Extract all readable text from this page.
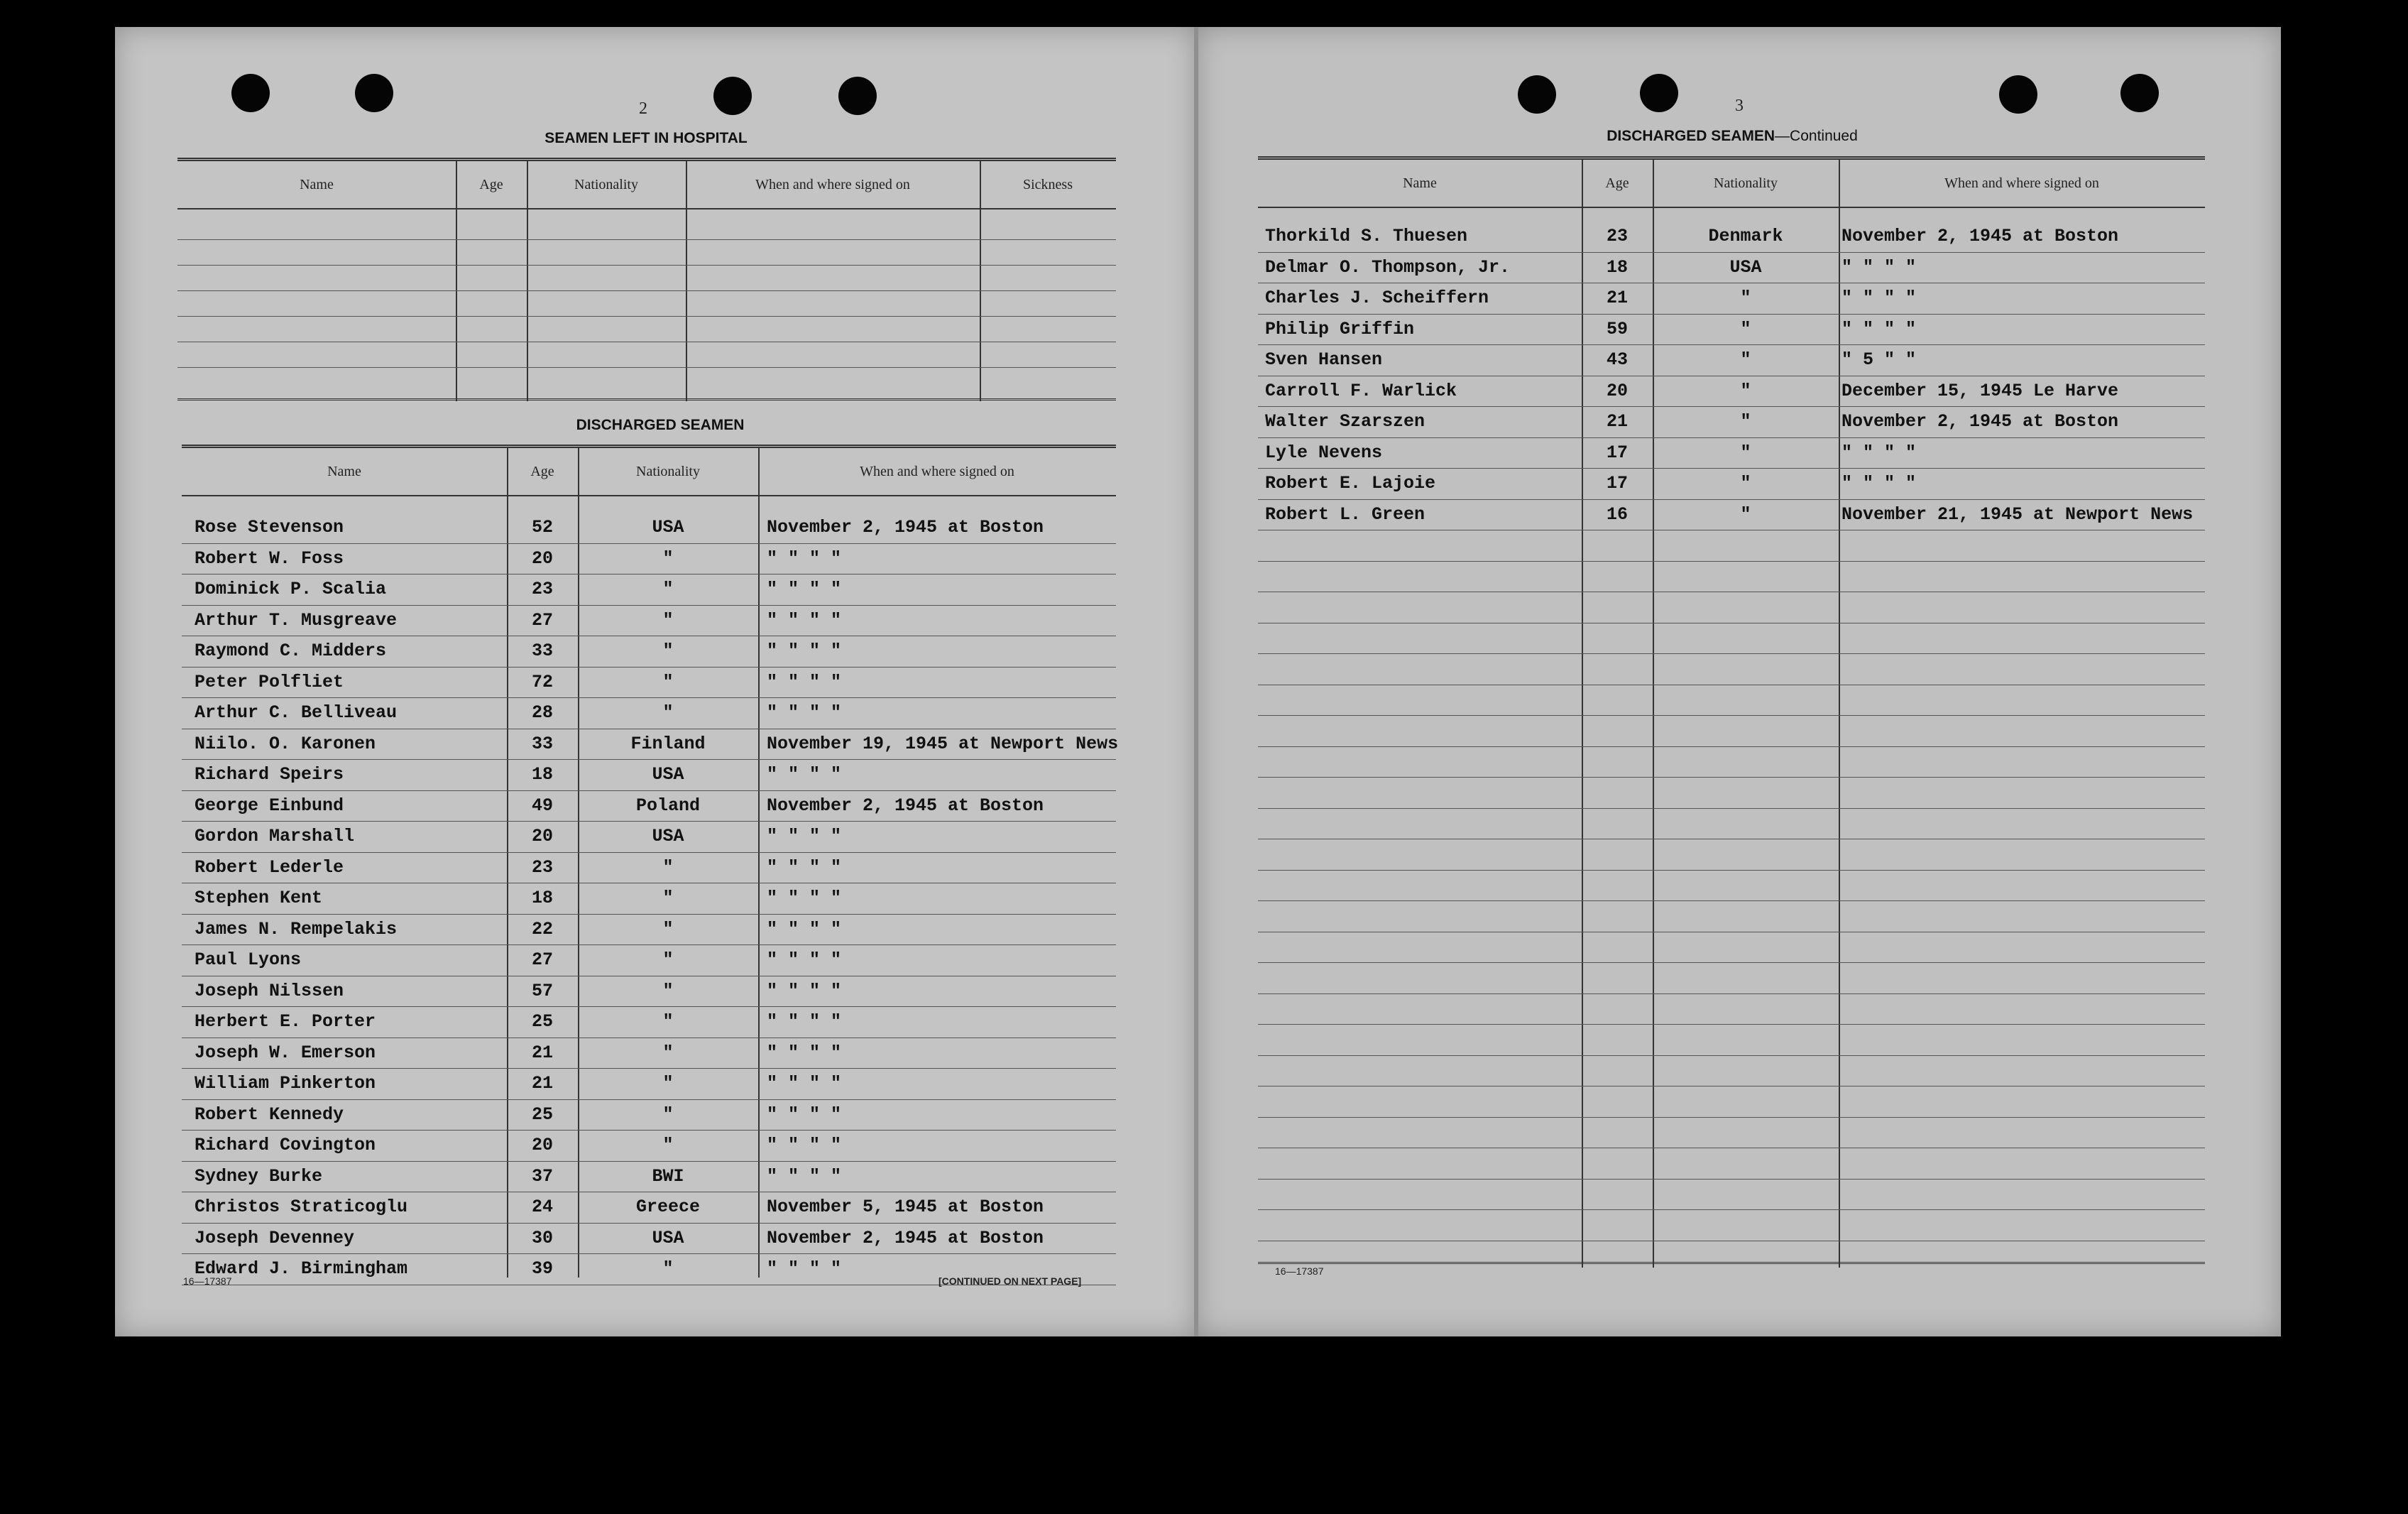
2
SEAMEN LEFT IN HOSPITAL
Name	Age	Nationality	When and where signed on	Sickness
DISCHARGED SEAMEN
Name	Age	Nationality	When and where signed on
Rose Stevenson	52	USA	November 2, 1945 at Boston
Robert W. Foss	20	"	" " " "
Dominick P. Scalia	23	"	" " " "
Arthur T. Musgreave	27	"	" " " "
Raymond C. Midders	33	"	" " " "
Peter Polfliet	72	"	" " " "
Arthur C. Belliveau	28	"	" " " "
Niilo. O. Karonen	33	Finland	November 19, 1945 at Newport News
Richard Speirs	18	USA	" " " "
George Einbund	49	Poland	November 2, 1945 at Boston
Gordon Marshall	20	USA	" " " "
Robert Lederle	23	"	" " " "
Stephen Kent	18	"	" " " "
James N. Rempelakis	22	"	" " " "
Paul Lyons	27	"	" " " "
Joseph Nilssen	57	"	" " " "
Herbert E. Porter	25	"	" " " "
Joseph W. Emerson	21	"	" " " "
William Pinkerton	21	"	" " " "
Robert Kennedy	25	"	" " " "
Richard Covington	20	"	" " " "
Sydney Burke	37	BWI	" " " "
Christos Straticoglu	24	Greece	November 5, 1945 at Boston
Joseph Devenney	30	USA	November 2, 1945 at Boston
Edward J. Birmingham	39	"	" " " "
16—17387	[CONTINUED ON NEXT PAGE]
3
DISCHARGED SEAMEN—Continued
Name	Age	Nationality	When and where signed on
Thorkild S. Thuesen	23	Denmark	November 2, 1945 at Boston
Delmar O. Thompson, Jr.	18	USA	" " " "
Charles J. Scheiffern	21	"	" " " "
Philip Griffin	59	"	" " " "
Sven Hansen	43	"	" 5 " "
Carroll F. Warlick	20	"	December 15, 1945 Le Harve
Walter Szarszen	21	"	November 2, 1945 at Boston
Lyle Nevens	17	"	" " " "
Robert E. Lajoie	17	"	" " " "
Robert L. Green	16	"	November 21, 1945 at Newport News
16—17387
